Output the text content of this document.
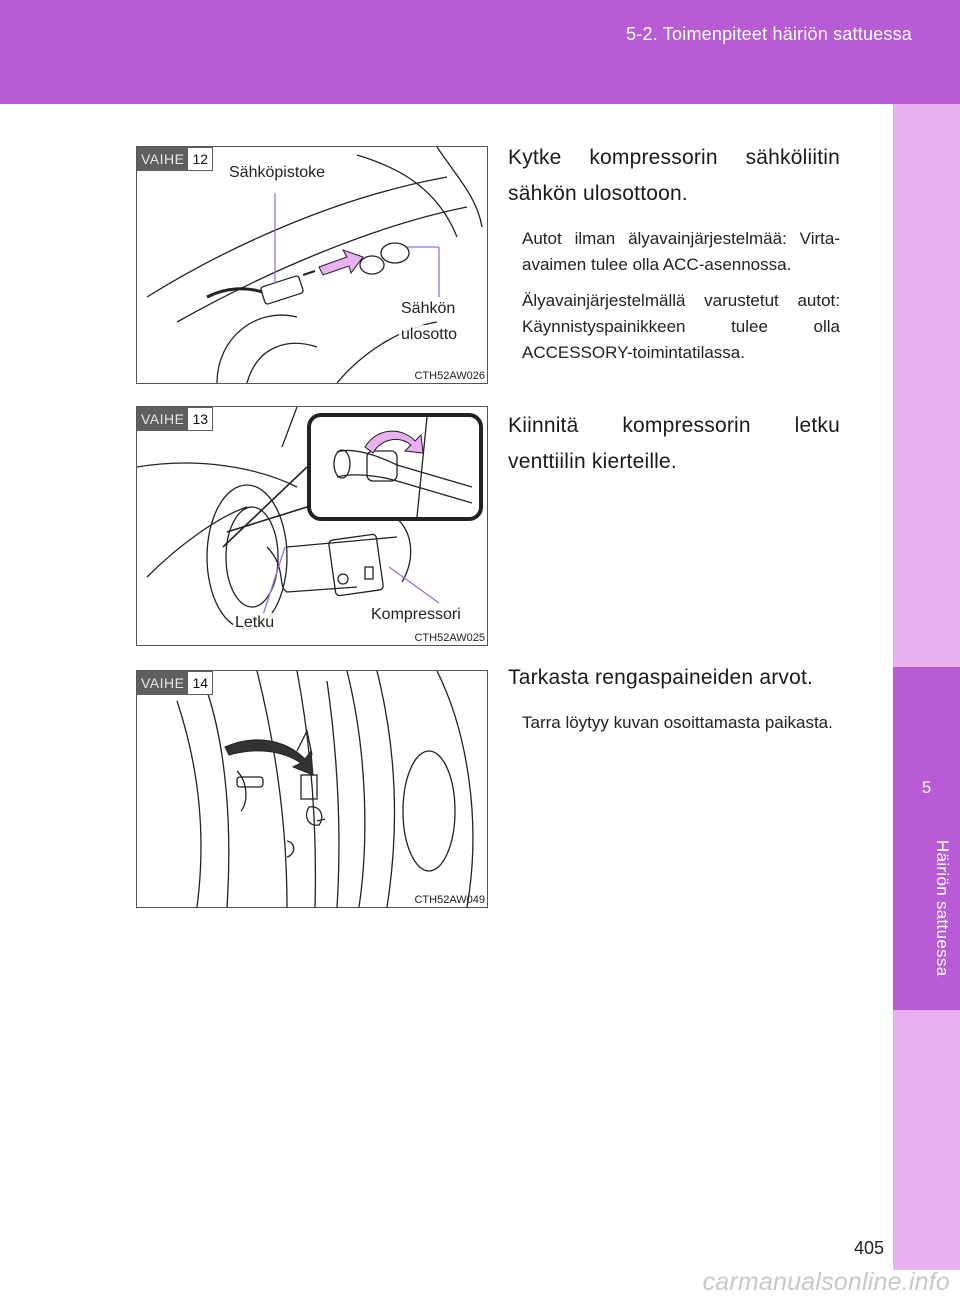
5-2. Toimenpiteet häiriön sattuessa
5
Häiriön sattuessa
VAIHE 12
Sähköpistoke
Sähkön
ulosotto
CTH52AW026
Kytke kompressorin sähköliitin sähkön ulosottoon.
Autot ilman älyavainjärjestelmää: Virta-avaimen tulee olla ACC-asennossa.
Älyavainjärjestelmällä varustetut autot: Käynnistyspainikkeen tulee olla ACCESSORY-toimintatilassa.
VAIHE 13
Letku	Kompressori
CTH52AW025
Kiinnitä kompressorin letku venttiilin kierteille.
VAIHE 14
CTH52AW049
Tarkasta rengaspaineiden arvot.
Tarra löytyy kuvan osoittamasta paikasta.
405
carmanualsonline.info
